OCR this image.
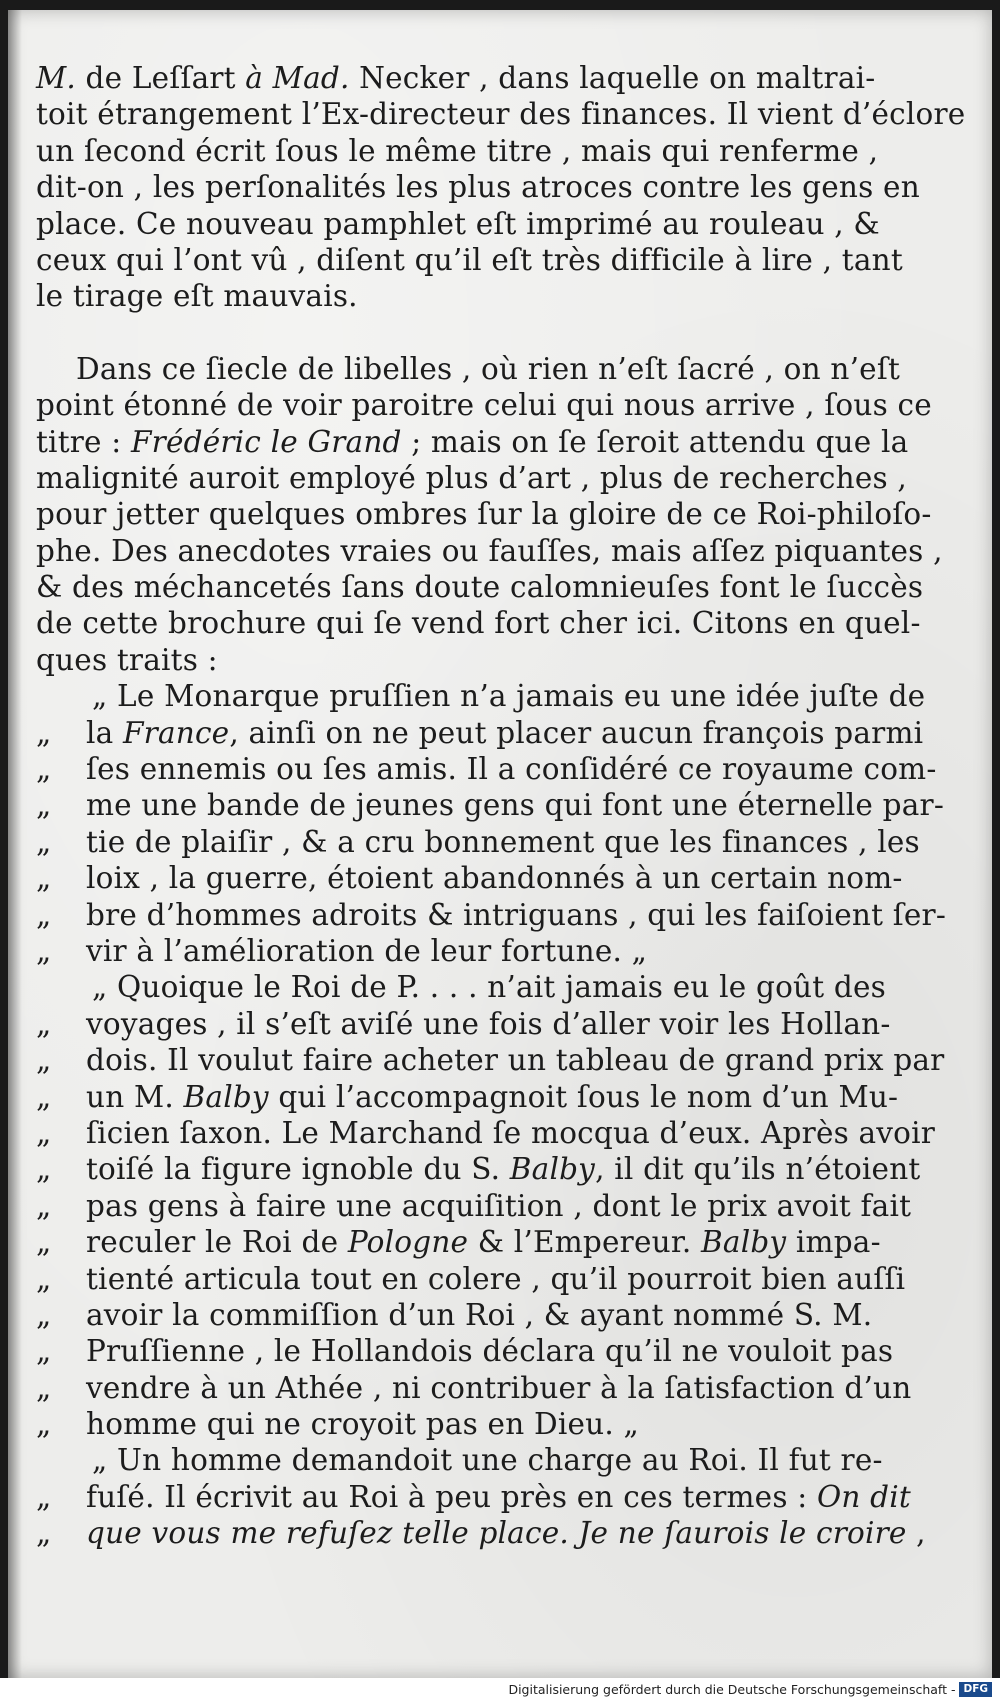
M. de Leſſart à Mad. Necker , dans laquelle on maltrai-
toit étrangement l’Ex-directeur des finances. Il vient d’éclore
un ſecond écrit ſous le même titre , mais qui renferme ,
dit-on , les perſonalités les plus atroces contre les gens en
place. Ce nouveau pamphlet eſt imprimé au rouleau , &
ceux qui l’ont vû , diſent qu’il eſt très difficile à lire , tant
le tirage eſt mauvais.
Dans ce ſiecle de libelles , où rien n’eſt ſacré , on n’eſt
point étonné de voir paroitre celui qui nous arrive , ſous ce
titre : Frédéric le Grand ; mais on ſe ſeroit attendu que la
malignité auroit employé plus d’art , plus de recherches ,
pour jetter quelques ombres ſur la gloire de ce Roi-philoſo-
phe. Des anecdotes vraies ou fauſſes, mais aſſez piquantes ,
& des méchancetés ſans doute calomnieuſes font le ſuccès
de cette brochure qui ſe vend fort cher ici. Citons en quel-
ques traits :
„ Le Monarque pruſſien n’a jamais eu une idée juſte de
„ la France, ainſi on ne peut placer aucun françois parmi
„ ſes ennemis ou ſes amis. Il a conſidéré ce royaume com-
„ me une bande de jeunes gens qui font une éternelle par-
„ tie de plaiſir , & a cru bonnement que les finances , les
„ loix , la guerre, étoient abandonnés à un certain nom-
„ bre d’hommes adroits & intriguans , qui les faiſoient ſer-
„ vir à l’amélioration de leur fortune. „
„ Quoique le Roi de P. . . . n’ait jamais eu le goût des
„ voyages , il s’eſt aviſé une fois d’aller voir les Hollan-
„ dois. Il voulut faire acheter un tableau de grand prix par
„ un M. Balby qui l’accompagnoit ſous le nom d’un Mu-
„ ſicien ſaxon. Le Marchand ſe mocqua d’eux. Après avoir
„ toiſé la figure ignoble du S. Balby, il dit qu’ils n’étoient
„ pas gens à faire une acquiſition , dont le prix avoit fait
„ reculer le Roi de Pologne & l’Empereur. Balby impa-
„ tienté articula tout en colere , qu’il pourroit bien auſſi
„ avoir la commiſſion d’un Roi , & ayant nommé S. M.
„ Pruſſienne , le Hollandois déclara qu’il ne vouloit pas
„ vendre à un Athée , ni contribuer à la ſatisfaction d’un
„ homme qui ne croyoit pas en Dieu. „
„ Un homme demandoit une charge au Roi. Il fut re-
„ fuſé. Il écrivit au Roi à peu près en ces termes : On dit
„ que vous me refuſez telle place. Je ne ſaurois le croire ,
Digitalisierung gefördert durch die Deutsche Forschungsgemeinschaft - DFG
